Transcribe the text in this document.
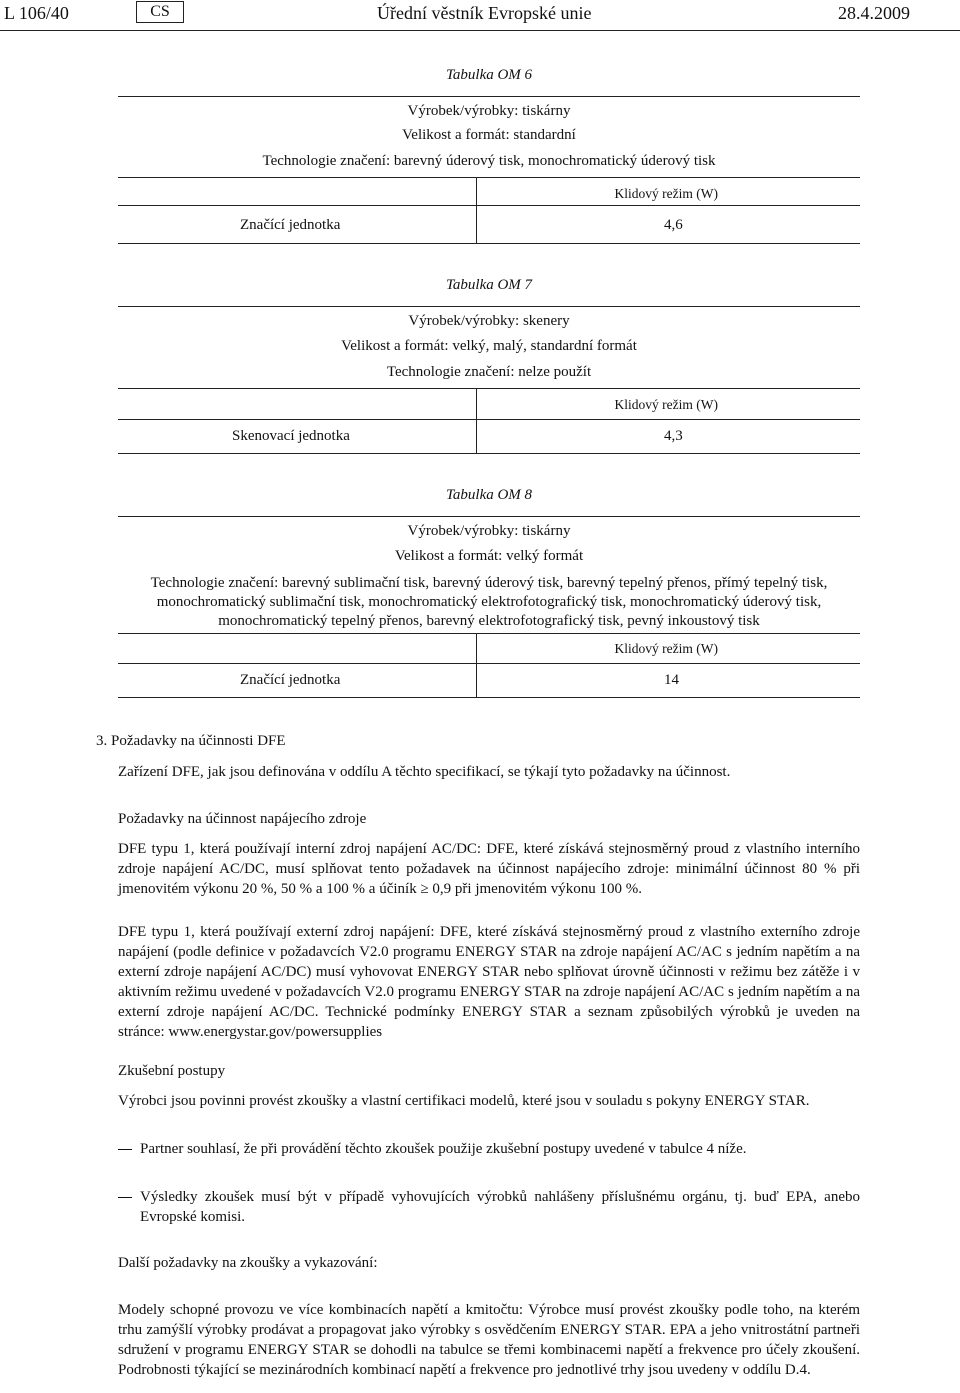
L 106/40	CS	Úřední věstník Evropské unie	28.4.2009
Tabulka OM 6
Výrobek/výrobky: tiskárny
Velikost a formát: standardní
Technologie značení: barevný úderový tisk, monochromatický úderový tisk
Klidový režim (W)
Značící jednotka	4,6
Tabulka OM 7
Výrobek/výrobky: skenery
Velikost a formát: velký, malý, standardní formát
Technologie značení: nelze použít
Klidový režim (W)
Skenovací jednotka	4,3
Tabulka OM 8
Výrobek/výrobky: tiskárny
Velikost a formát: velký formát
Technologie značení: barevný sublimační tisk, barevný úderový tisk, barevný tepelný přenos, přímý tepelný tisk, monochromatický sublimační tisk, monochromatický elektrofotografický tisk, monochromatický úderový tisk, monochromatický tepelný přenos, barevný elektrofotografický tisk, pevný inkoustový tisk
Klidový režim (W)
Značící jednotka	14
3. Požadavky na účinnosti DFE
Zařízení DFE, jak jsou definována v oddílu A těchto specifikací, se týkají tyto požadavky na účinnost.
Požadavky na účinnost napájecího zdroje
DFE typu 1, která používají interní zdroj napájení AC/DC: DFE, které získává stejnosměrný proud z vlastního interního zdroje napájení AC/DC, musí splňovat tento požadavek na účinnost napájecího zdroje: minimální účinnost 80 % při jmenovitém výkonu 20 %, 50 % a 100 % a účiník ≥ 0,9 při jmenovitém výkonu 100 %.
DFE typu 1, která používají externí zdroj napájení: DFE, které získává stejnosměrný proud z vlastního externího zdroje napájení (podle definice v požadavcích V2.0 programu ENERGY STAR na zdroje napájení AC/AC s jedním napětím a na externí zdroje napájení AC/DC) musí vyhovovat ENERGY STAR nebo splňovat úrovně účinnosti v režimu bez zátěže i v aktivním režimu uvedené v požadavcích V2.0 programu ENERGY STAR na zdroje napájení AC/AC s jedním napětím a na externí zdroje napájení AC/DC. Technické podmínky ENERGY STAR a seznam způsobilých výrobků je uveden na stránce: www.energystar.gov/powersupplies
Zkušební postupy
Výrobci jsou povinni provést zkoušky a vlastní certifikaci modelů, které jsou v souladu s pokyny ENERGY STAR.
Partner souhlasí, že při provádění těchto zkoušek použije zkušební postupy uvedené v tabulce 4 níže.
Výsledky zkoušek musí být v případě vyhovujících výrobků nahlášeny příslušnému orgánu, tj. buď EPA, anebo Evropské komisi.
Další požadavky na zkoušky a vykazování:
Modely schopné provozu ve více kombinacích napětí a kmitočtu: Výrobce musí provést zkoušky podle toho, na kterém trhu zamýšlí výrobky prodávat a propagovat jako výrobky s osvědčením ENERGY STAR. EPA a jeho vnitrostátní partneři sdružení v programu ENERGY STAR se dohodli na tabulce se třemi kombinacemi napětí a frekvence pro účely zkoušení. Podrobnosti týkající se mezinárodních kombinací napětí a frekvence pro jednotlivé trhy jsou uvedeny v oddílu D.4.
